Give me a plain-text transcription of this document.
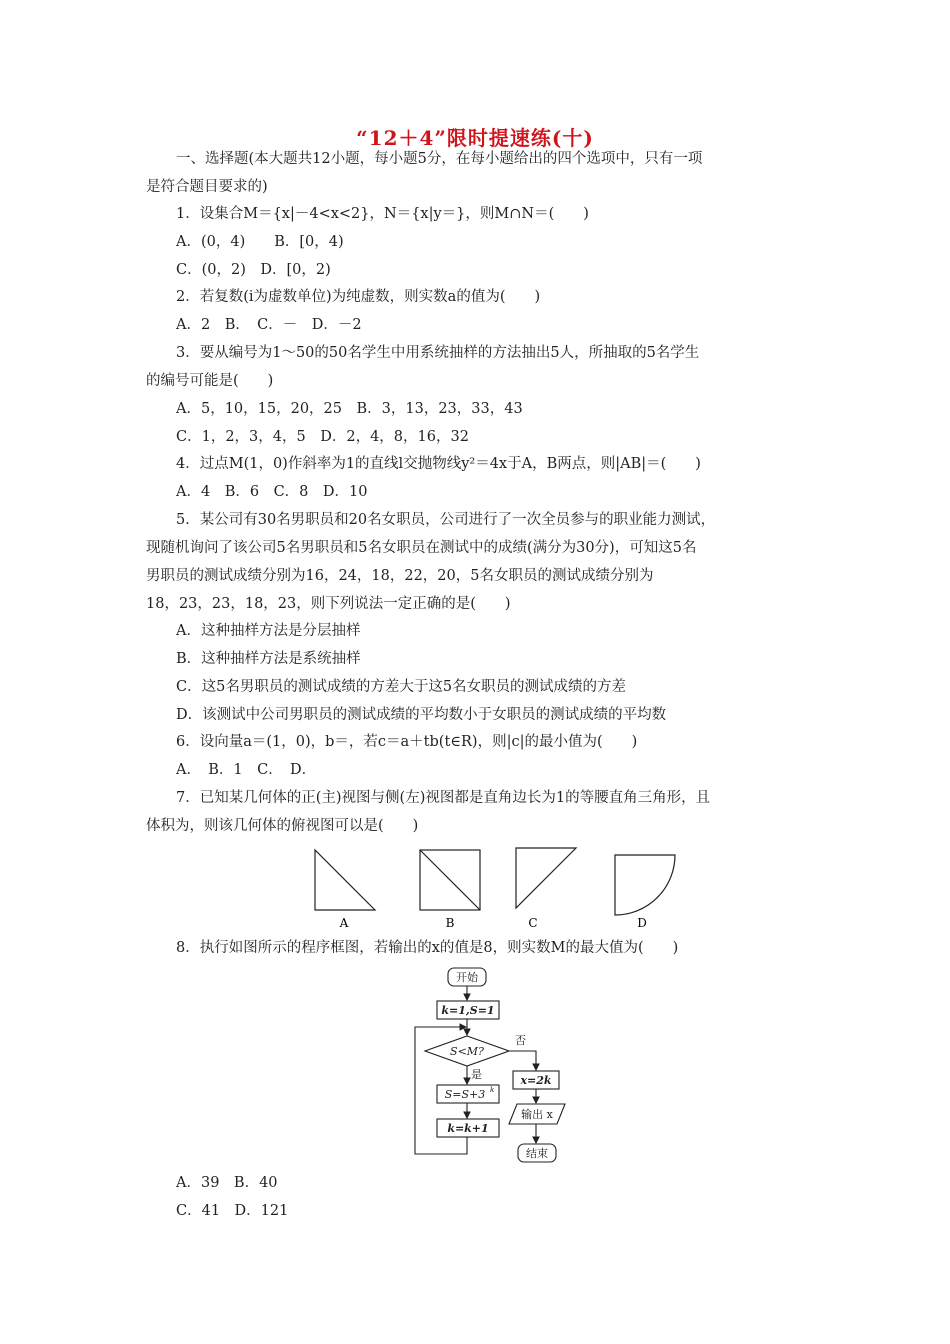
“12＋4”限时提速练(十)
一、选择题(本大题共12小题，每小题5分，在每小题给出的四个选项中，只有一项
是符合题目要求的)
1．设集合M＝{x|－4<x<2}，N＝{x|y＝}，则M∩N＝(　　)
A．(0，4)　　B．[0，4)
C．(0，2)　D．[0，2)
2．若复数(i为虚数单位)为纯虚数，则实数a的值为(　　)
A．2　B．　C．－　D．－2
3．要从编号为1～50的50名学生中用系统抽样的方法抽出5人，所抽取的5名学生
的编号可能是(　　)
A．5，10，15，20，25　B．3，13，23，33，43
C．1，2，3，4，5　D．2，4，8，16，32
4．过点M(1，0)作斜率为1的直线l交抛物线y²＝4x于A，B两点，则|AB|＝(　　)
A．4　B．6　C．8　D．10
5．某公司有30名男职员和20名女职员，公司进行了一次全员参与的职业能力测试，
现随机询问了该公司5名男职员和5名女职员在测试中的成绩(满分为30分)，可知这5名
男职员的测试成绩分别为16，24，18，22，20，5名女职员的测试成绩分别为
18，23，23，18，23，则下列说法一定正确的是(　　)
A．这种抽样方法是分层抽样
B．这种抽样方法是系统抽样
C．这5名男职员的测试成绩的方差大于这5名女职员的测试成绩的方差
D．该测试中公司男职员的测试成绩的平均数小于女职员的测试成绩的平均数
6．设向量a＝(1，0)，b＝，若c＝a＋tb(t∈R)，则|c|的最小值为(　　)
A．　B．1　C．　D．
7．已知某几何体的正(主)视图与侧(左)视图都是直角边长为1的等腰直角三角形，且
体积为，则该几何体的俯视图可以是(　　)
A	B	C	D
8．执行如图所示的程序框图，若输出的x的值是8，则实数M的最大值为(　　)
开始
k=1,S=1
S<M?
否
是
S=S+3 k
k=k+1
x=2k
输出 x
结束
A．39　B．40
C．41　D．121
